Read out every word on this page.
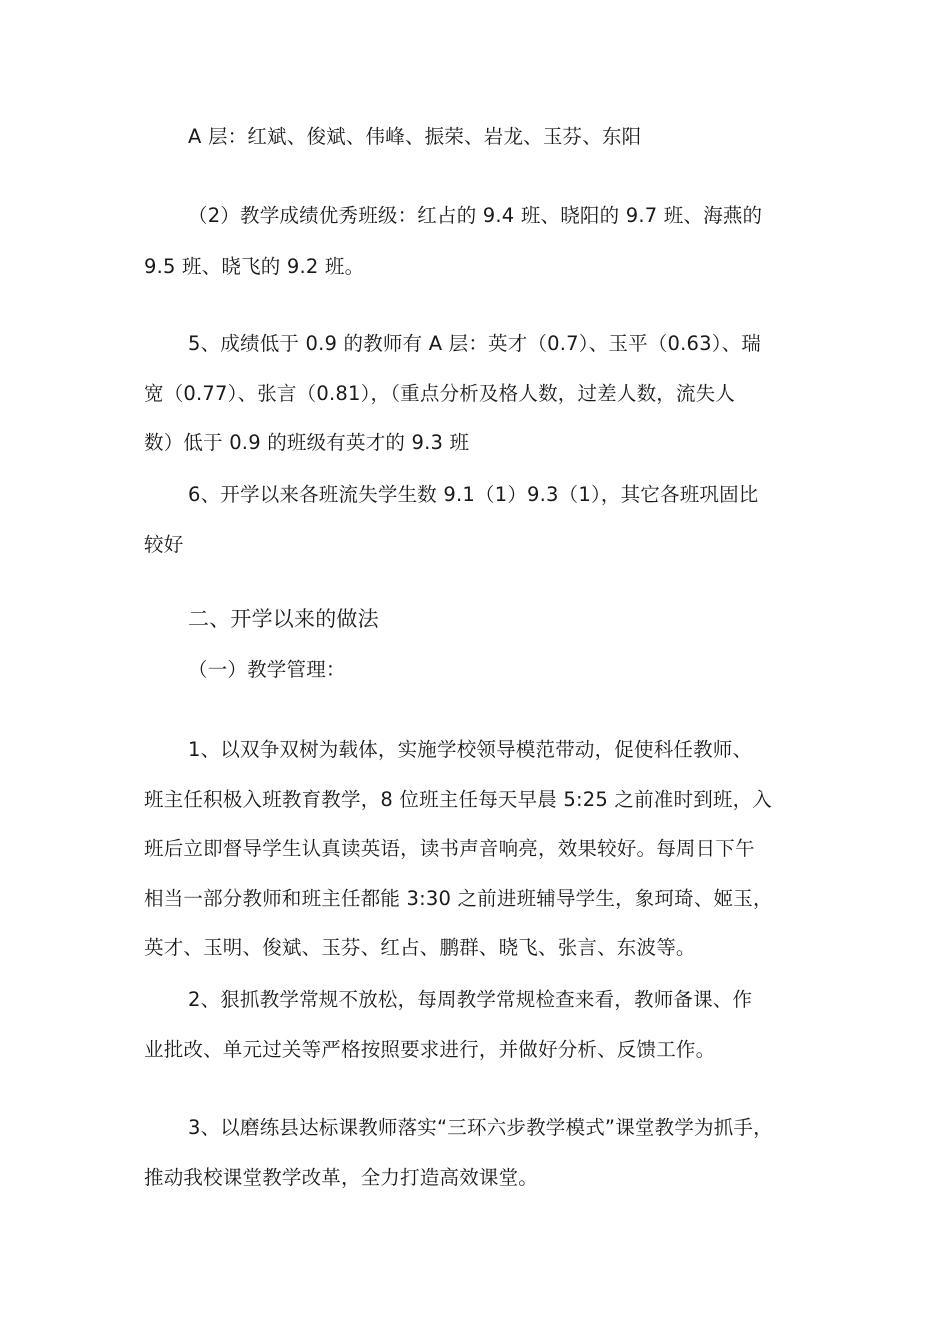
A 层：红斌、俊斌、伟峰、振荣、岩龙、玉芬、东阳
（2）教学成绩优秀班级：红占的 9.4 班、晓阳的 9.7 班、海燕的
9.5 班、晓飞的 9.2 班。
5、成绩低于 0.9 的教师有 A 层：英才（0.7）、玉平（0.63）、瑞
宽（0.77）、张言（0.81），（重点分析及格人数，过差人数，流失人
数）低于 0.9 的班级有英才的 9.3 班
6、开学以来各班流失学生数 9.1（1）9.3（1），其它各班巩固比
较好
二、开学以来的做法
（一）教学管理：
1、以双争双树为载体，实施学校领导模范带动，促使科任教师、
班主任积极入班教育教学，8 位班主任每天早晨 5:25 之前准时到班，入
班后立即督导学生认真读英语，读书声音响亮，效果较好。每周日下午
相当一部分教师和班主任都能 3:30 之前进班辅导学生，象珂琦、姬玉，
英才、玉明、俊斌、玉芬、红占、鹏群、晓飞、张言、东波等。
2、狠抓教学常规不放松，每周教学常规检查来看，教师备课、作
业批改、单元过关等严格按照要求进行，并做好分析、反馈工作。
3、以磨练县达标课教师落实“三环六步教学模式”课堂教学为抓手，
推动我校课堂教学改革，全力打造高效课堂。
